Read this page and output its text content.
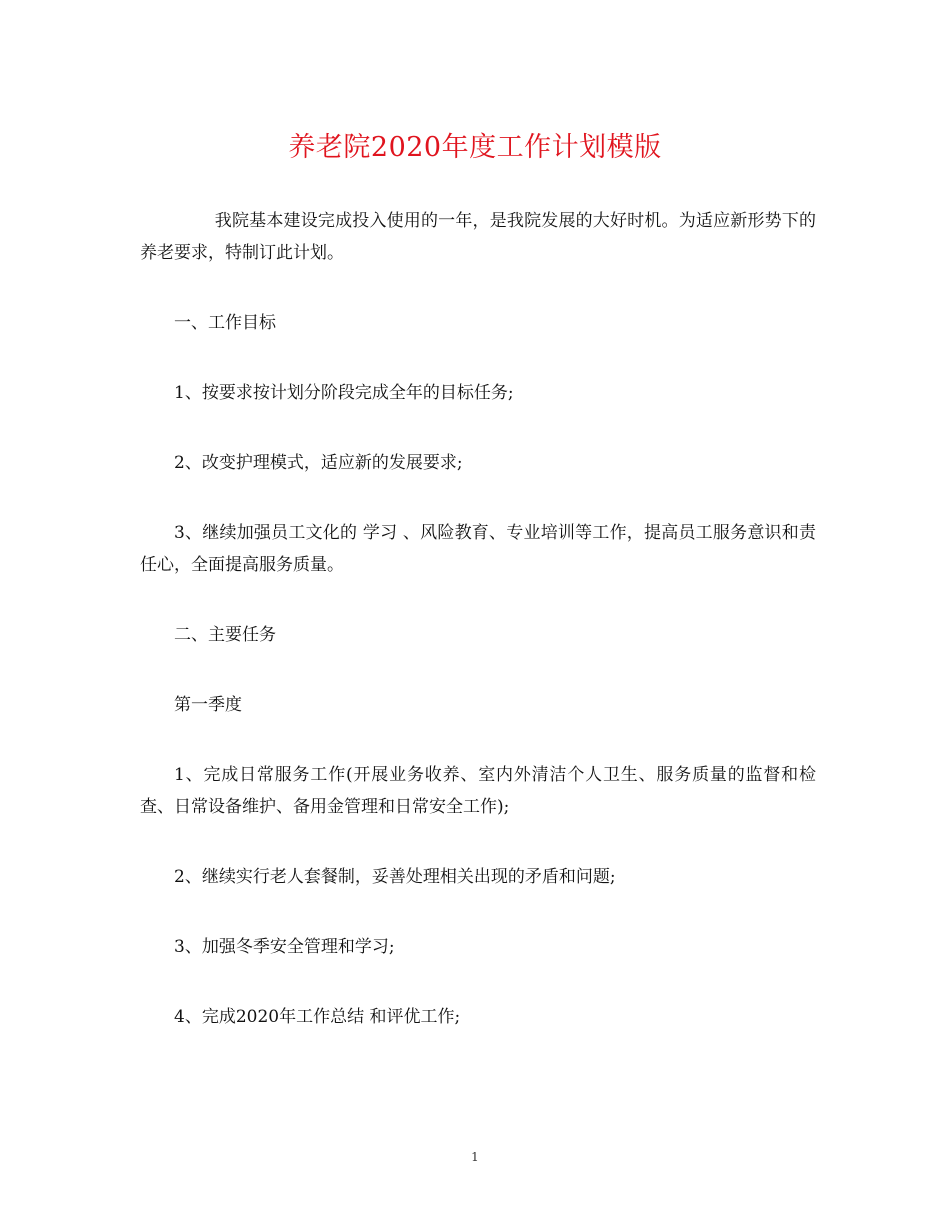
养老院2020年度工作计划模版

我院基本建设完成投入使用的一年，是我院发展的大好时机。为适应新形势下的养老要求，特制订此计划。

一、工作目标

1、按要求按计划分阶段完成全年的目标任务;

2、改变护理模式，适应新的发展要求;

3、继续加强员工文化的 学习 、风险教育、专业培训等工作，提高员工服务意识和责任心，全面提高服务质量。

二、主要任务

第一季度

1、完成日常服务工作(开展业务收养、室内外清洁个人卫生、服务质量的监督和检查、日常设备维护、备用金管理和日常安全工作);

2、继续实行老人套餐制，妥善处理相关出现的矛盾和问题;

3、加强冬季安全管理和学习;

4、完成2020年工作总结 和评优工作;

1
